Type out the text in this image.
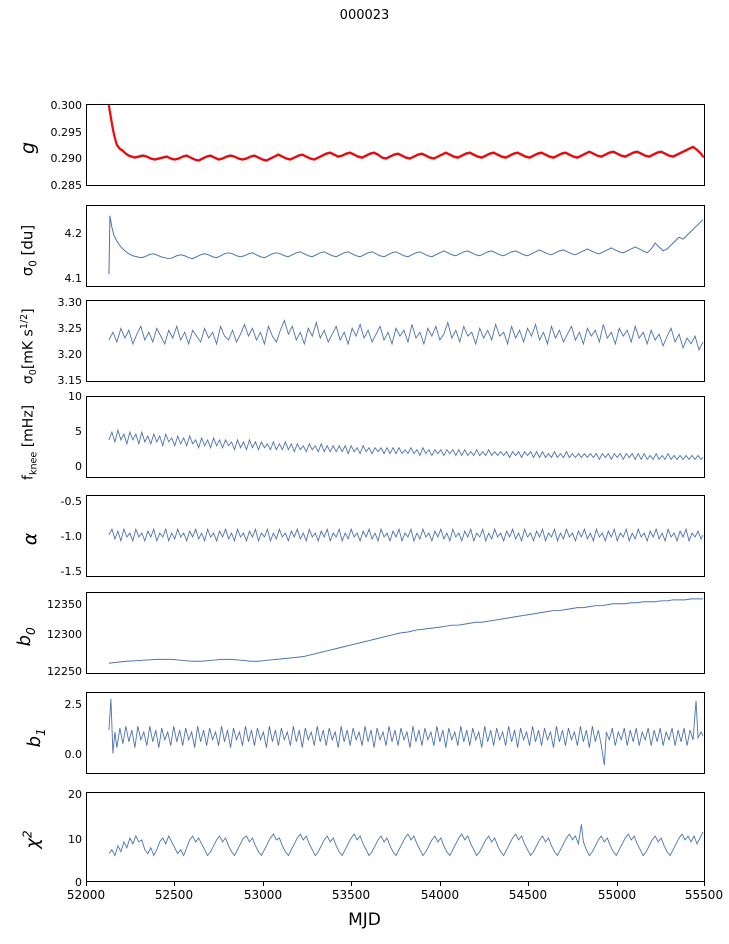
000023
g
$\sigma_0$ [du]
$\sigma_0[mK$ $s^{1/2}$]
$f_{knee}$ [mHz]
α
$b_0$
$b_1$
$\chi^2$
0.300
0.295
0.290
0.285
4.2
4.1
3.30
3.25
3.20
3.15
10
5
0
-0.5
-1.0
-1.5
12350
12300
12250
2.5
0.0
20
10
0
52000	52500	53000	53500	54000	54500	55000	55500
MJD
